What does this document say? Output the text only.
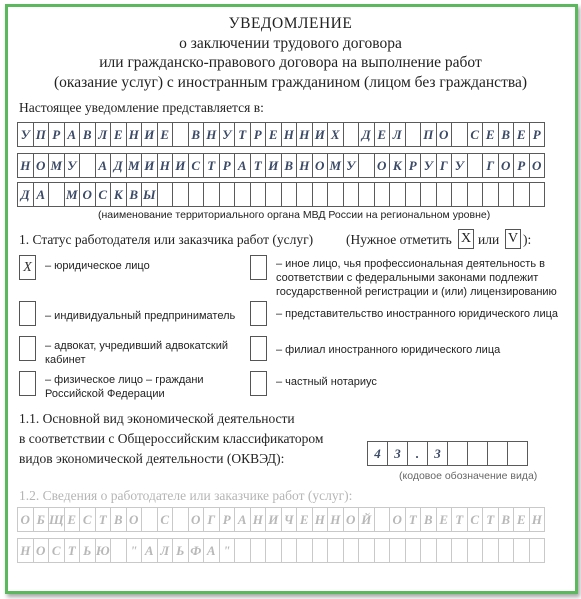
УВЕДОМЛЕНИЕ
о заключении трудового договора
или гражданско-правового договора на выполнение работ
(оказание услуг) с иностранным гражданином (лицом без гражданства)
Настоящее уведомление представляется в:
У П Р А В Л Е Н И Е	В Н У Т Р Е Н Н И Х	Д Е Л П О	С Е В Е Р
Н О М У	А Д М И Н И С Т Р А Т И В Н О М У О К Р У Г У	Г О Р О
Д А	М О С К В Ы
(наименование территориального органа МВД России на региональном уровне)
1. Статус работодателя или заказчика работ (услуг) (Нужное отметить X или V ):
X	– юридическое лицо
– индивидуальный предприниматель
– адвокат, учредивший адвокатский кабинет
– физическое лицо – граждани Российской Федерации
– иное лицо, чья профессиональная деятельность в соответствии с федеральными законами подлежит государственной регистрации и (или) лицензированию
– представительство иностранного юридического лица
– филиал иностранного юридического лица
– частный нотариус
1.1. Основной вид экономической деятельности
в соответствии с Общероссийским классификатором
видов экономической деятельности (ОКВЭД):	4	3	.	3
(кодовое обозначение вида)
1.2. Сведения о работодателе или заказчике работ (услуг):
О Б Щ Е С Т В О	С	О Г Р А Н И Ч Е Н Н О Й О Т В Е Т С Т В Е Н
Н О С Т Ь Ю	" А Л Ь Ф А "
